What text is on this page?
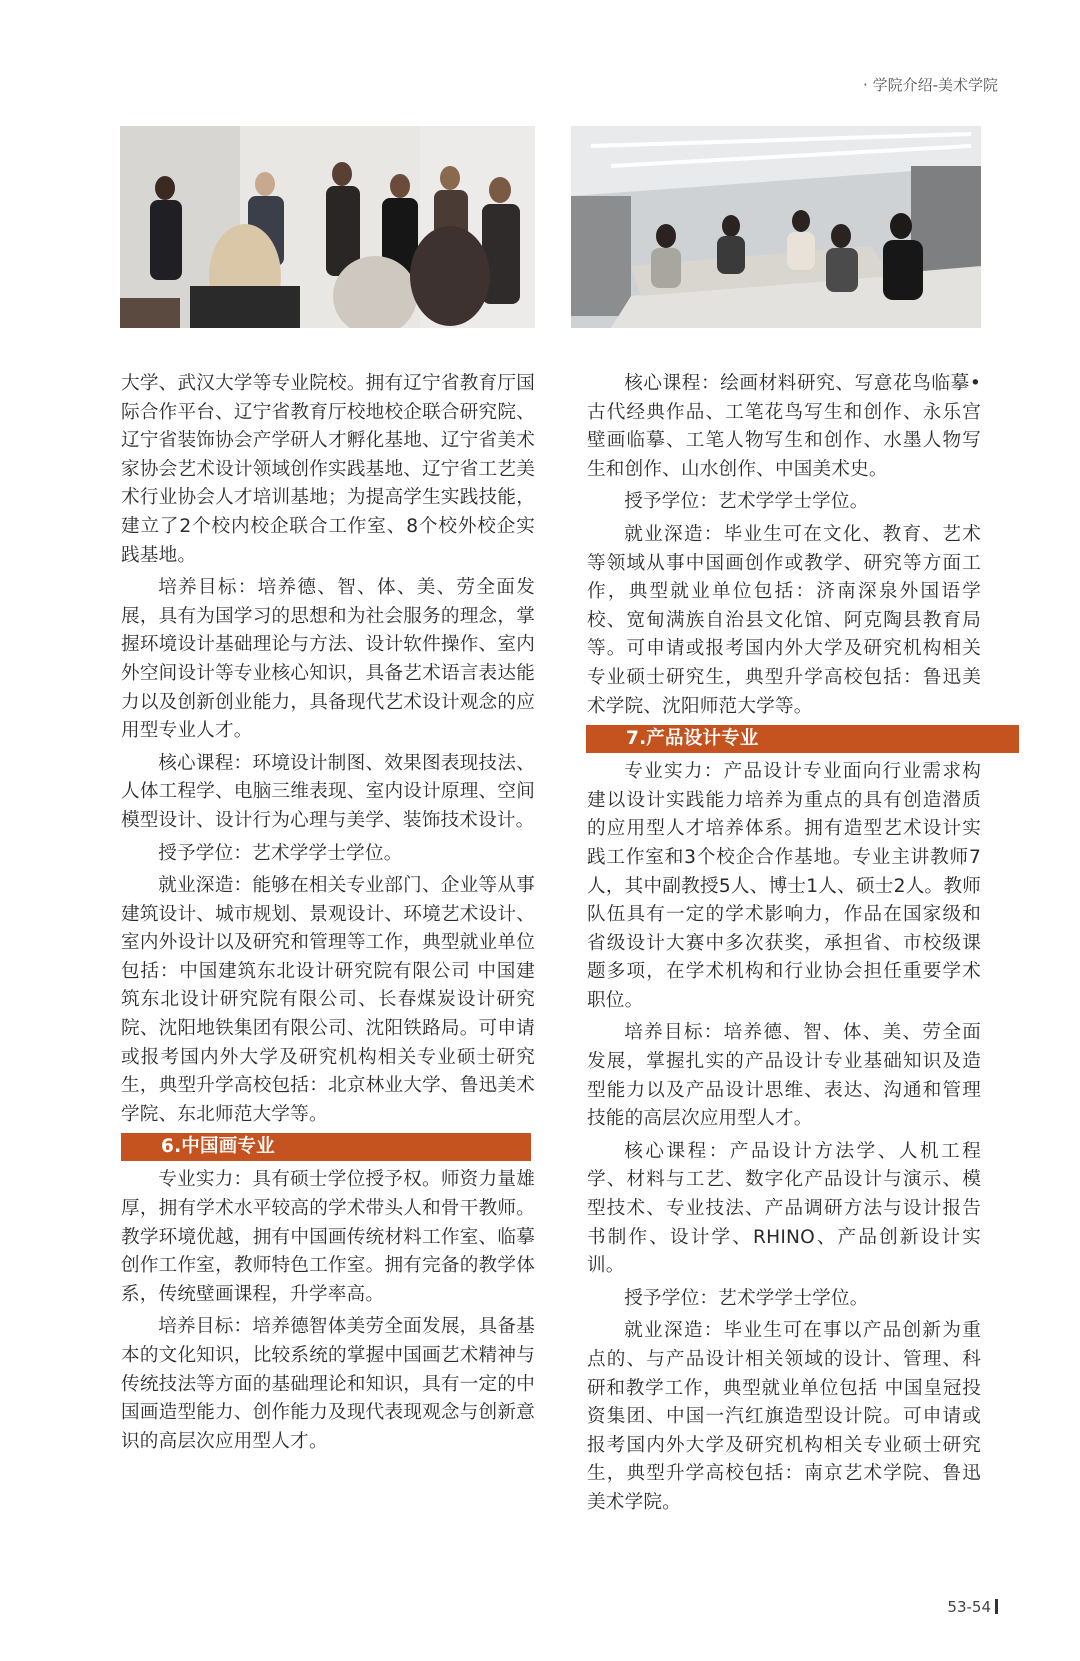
· 学院介绍-美术学院

大学、武汉大学等专业院校。拥有辽宁省教育厅国际合作平台、辽宁省教育厅校地校企联合研究院、辽宁省装饰协会产学研人才孵化基地、辽宁省美术家协会艺术设计领域创作实践基地、辽宁省工艺美术行业协会人才培训基地；为提高学生实践技能，建立了2个校内校企联合工作室、8个校外校企实践基地。

培养目标：培养德、智、体、美、劳全面发展，具有为国学习的思想和为社会服务的理念，掌握环境设计基础理论与方法、设计软件操作、室内外空间设计等专业核心知识，具备艺术语言表达能力以及创新创业能力，具备现代艺术设计观念的应用型专业人才。

核心课程：环境设计制图、效果图表现技法、人体工程学、电脑三维表现、室内设计原理、空间模型设计、设计行为心理与美学、装饰技术设计。

授予学位：艺术学学士学位。

就业深造：能够在相关专业部门、企业等从事建筑设计、城市规划、景观设计、环境艺术设计、室内外设计以及研究和管理等工作，典型就业单位包括：中国建筑东北设计研究院有限公司 中国建筑东北设计研究院有限公司、长春煤炭设计研究院、沈阳地铁集团有限公司、沈阳铁路局。可申请或报考国内外大学及研究机构相关专业硕士研究生，典型升学高校包括：北京林业大学、鲁迅美术学院、东北师范大学等。

6.中国画专业

专业实力：具有硕士学位授予权。师资力量雄厚，拥有学术水平较高的学术带头人和骨干教师。教学环境优越，拥有中国画传统材料工作室、临摹创作工作室，教师特色工作室。拥有完备的教学体系，传统壁画课程，升学率高。

培养目标：培养德智体美劳全面发展，具备基本的文化知识，比较系统的掌握中国画艺术精神与传统技法等方面的基础理论和知识，具有一定的中国画造型能力、创作能力及现代表现观念与创新意识的高层次应用型人才。

核心课程：绘画材料研究、写意花鸟临摹•古代经典作品、工笔花鸟写生和创作、永乐宫壁画临摹、工笔人物写生和创作、水墨人物写生和创作、山水创作、中国美术史。

授予学位：艺术学学士学位。

就业深造：毕业生可在文化、教育、艺术等领域从事中国画创作或教学、研究等方面工作，典型就业单位包括：济南深泉外国语学校、宽甸满族自治县文化馆、阿克陶县教育局等。可申请或报考国内外大学及研究机构相关专业硕士研究生，典型升学高校包括：鲁迅美术学院、沈阳师范大学等。

7.产品设计专业

专业实力：产品设计专业面向行业需求构建以设计实践能力培养为重点的具有创造潜质的应用型人才培养体系。拥有造型艺术设计实践工作室和3个校企合作基地。专业主讲教师7人，其中副教授5人、博士1人、硕士2人。教师队伍具有一定的学术影响力，作品在国家级和省级设计大赛中多次获奖，承担省、市校级课题多项，在学术机构和行业协会担任重要学术职位。

培养目标：培养德、智、体、美、劳全面发展，掌握扎实的产品设计专业基础知识及造型能力以及产品设计思维、表达、沟通和管理技能的高层次应用型人才。

核心课程：产品设计方法学、人机工程学、材料与工艺、数字化产品设计与演示、模型技术、专业技法、产品调研方法与设计报告书制作、设计学、RHINO、产品创新设计实训。

授予学位：艺术学学士学位。

就业深造：毕业生可在事以产品创新为重点的、与产品设计相关领域的设计、管理、科研和教学工作，典型就业单位包括 中国皇冠投资集团、中国一汽红旗造型设计院。可申请或报考国内外大学及研究机构相关专业硕士研究生，典型升学高校包括：南京艺术学院、鲁迅美术学院。

53-54
